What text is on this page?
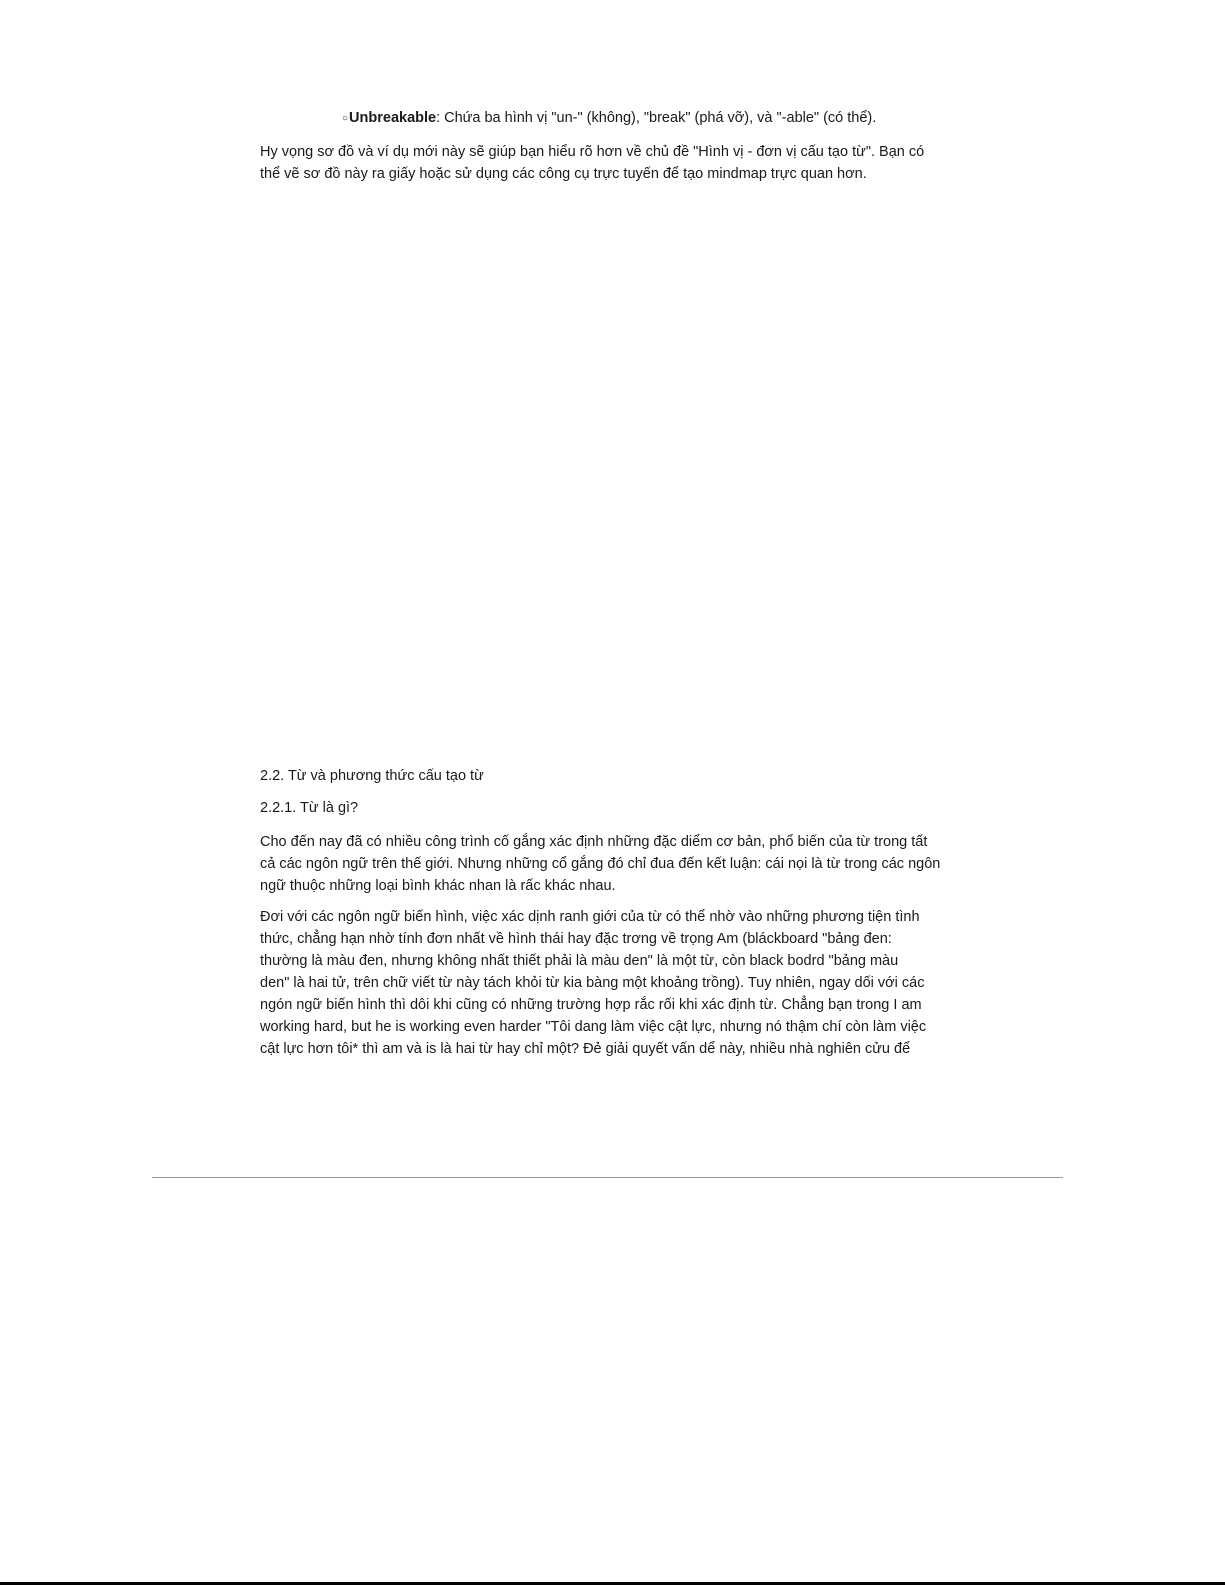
○Unbreakable: Chứa ba hình vị "un-" (không), "break" (phá vỡ), và "-able" (có thể).

Hy vọng sơ đồ và ví dụ mới này sẽ giúp bạn hiểu rõ hơn về chủ đề "Hình vị - đơn vị cấu tạo từ". Bạn có
thể vẽ sơ đồ này ra giấy hoặc sử dụng các công cụ trực tuyến để tạo mindmap trực quan hơn.

2.2. Từ và phương thức cấu tạo từ
2.2.1. Từ là gì?

Cho đến nay đã có nhiều công trình cố gắng xác định những đặc diểm cơ bản, phổ biến của từ trong tất
cả các ngôn ngữ trên thế giới. Nhưng những cổ gắng đó chỉ đua đến kết luận: cái nọi là từ trong các ngôn
ngữ thuộc những loại bình khác nhan là rấc khác nhau.

Đơi với các ngôn ngữ biến hình, việc xác dịnh ranh giới của từ có thể nhờ vào những phương tiện tình
thức, chẳng hạn nhờ tính đơn nhất về hình thái hay đặc trơng về trọng Am (bláckboard "bảng đen:
thường là màu đen, nhưng không nhất thiết phải là màu den" là một từ, còn black bodrd "bảng màu
den" là hai tử, trên chữ viết từ này tách khỏi từ kia bàng một khoảng trồng). Tuy nhiên, ngay dối với các
ngón ngữ biến hình thì dôi khi cũng có những trường hợp rắc rối khi xác định từ. Chẳng bạn trong I am
working hard, but he is working even harder "Tôi dang làm việc cật lực, nhưng nó thậm chí còn làm việc
cật lực hơn tôi* thì am và is là hai từ hay chỉ một? Đẻ giải quyết vấn dể này, nhiều nhà nghiên cửu để
